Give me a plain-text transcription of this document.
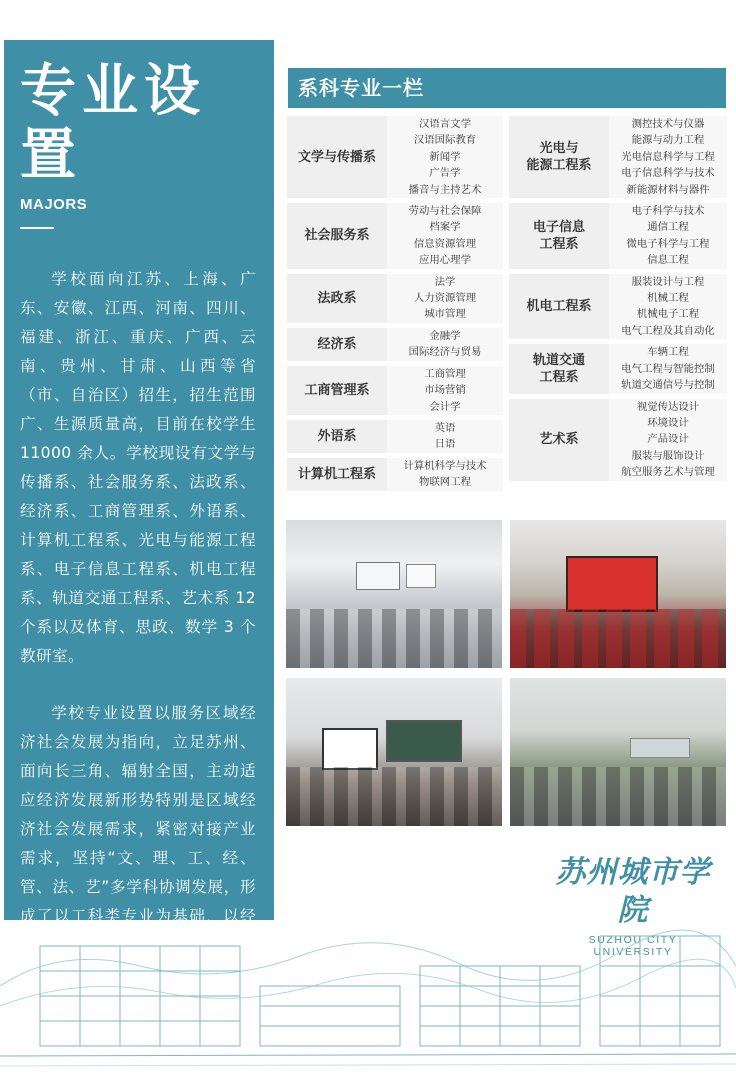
专业设置
MAJORS

学校面向江苏、上海、广东、安徽、江西、河南、四川、福建、浙江、重庆、广西、云南、贵州、甘肃、山西等省（市、自治区）招生，招生范围广、生源质量高，目前在校学生 11000 余人。学校现设有文学与传播系、社会服务系、法政系、经济系、工商管理系、外语系、计算机工程系、光电与能源工程系、电子信息工程系、机电工程系、轨道交通工程系、艺术系 12 个系以及体育、思政、数学 3 个教研室。

学校专业设置以服务区域经济社会发展为指向，立足苏州、面向长三角、辐射全国，主动适应经济发展新形势特别是区域经济社会发展需求，紧密对接产业需求，坚持“文、理、工、经、管、法、艺”多学科协调发展，形成了以工科类专业为基础，以经管类专业为优势，以应用性人才培养为根本，以文理融通交叉、国际化人才培养为方向的学科专业格局。

系科专业一栏
文学与传播系
汉语言文学
汉语国际教育
新闻学
广告学
播音与主持艺术
社会服务系
劳动与社会保障
档案学
信息资源管理
应用心理学
法政系
法学
人力资源管理
城市管理
经济系
金融学
国际经济与贸易
工商管理系
工商管理
市场营销
会计学
外语系
英语
日语
计算机工程系
计算机科学与技术
物联网工程
光电与
能源工程系
测控技术与仪器
能源与动力工程
光电信息科学与工程
电子信息科学与技术
新能源材料与器件
电子信息
工程系
电子科学与技术
通信工程
微电子科学与工程
信息工程
机电工程系
服装设计与工程
机械工程
机械电子工程
电气工程及其自动化
轨道交通
工程系
车辆工程
电气工程与智能控制
轨道交通信号与控制
艺术系
视觉传达设计
环境设计
产品设计
服装与服饰设计
航空服务艺术与管理
苏州城市学院
SUZHOU CITY UNIVERSITY
